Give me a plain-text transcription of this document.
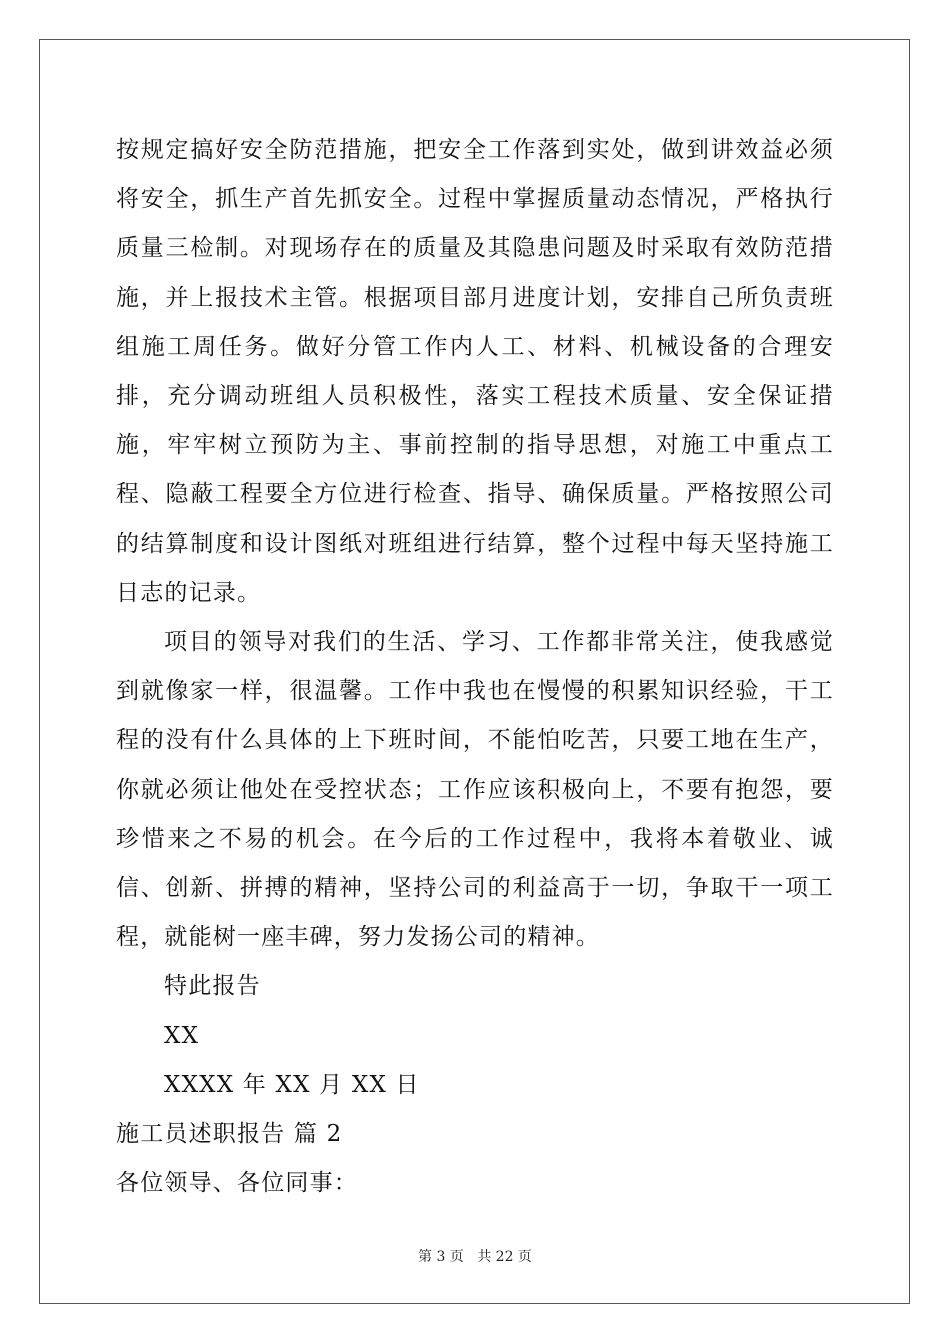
按规定搞好安全防范措施，把安全工作落到实处，做到讲效益必须将安全，抓生产首先抓安全。过程中掌握质量动态情况，严格执行质量三检制。对现场存在的质量及其隐患问题及时采取有效防范措施，并上报技术主管。根据项目部月进度计划，安排自己所负责班组施工周任务。做好分管工作内人工、材料、机械设备的合理安排，充分调动班组人员积极性，落实工程技术质量、安全保证措施，牢牢树立预防为主、事前控制的指导思想，对施工中重点工程、隐蔽工程要全方位进行检查、指导、确保质量。严格按照公司的结算制度和设计图纸对班组进行结算，整个过程中每天坚持施工日志的记录。

项目的领导对我们的生活、学习、工作都非常关注，使我感觉到就像家一样，很温馨。工作中我也在慢慢的积累知识经验，干工程的没有什么具体的上下班时间，不能怕吃苦，只要工地在生产，你就必须让他处在受控状态；工作应该积极向上，不要有抱怨，要珍惜来之不易的机会。在今后的工作过程中，我将本着敬业、诚信、创新、拼搏的精神，坚持公司的利益高于一切，争取干一项工程，就能树一座丰碑，努力发扬公司的精神。

特此报告

XX

XXXX 年 XX 月 XX 日

施工员述职报告 篇 2

各位领导、各位同事：

第 3 页 共 22 页
